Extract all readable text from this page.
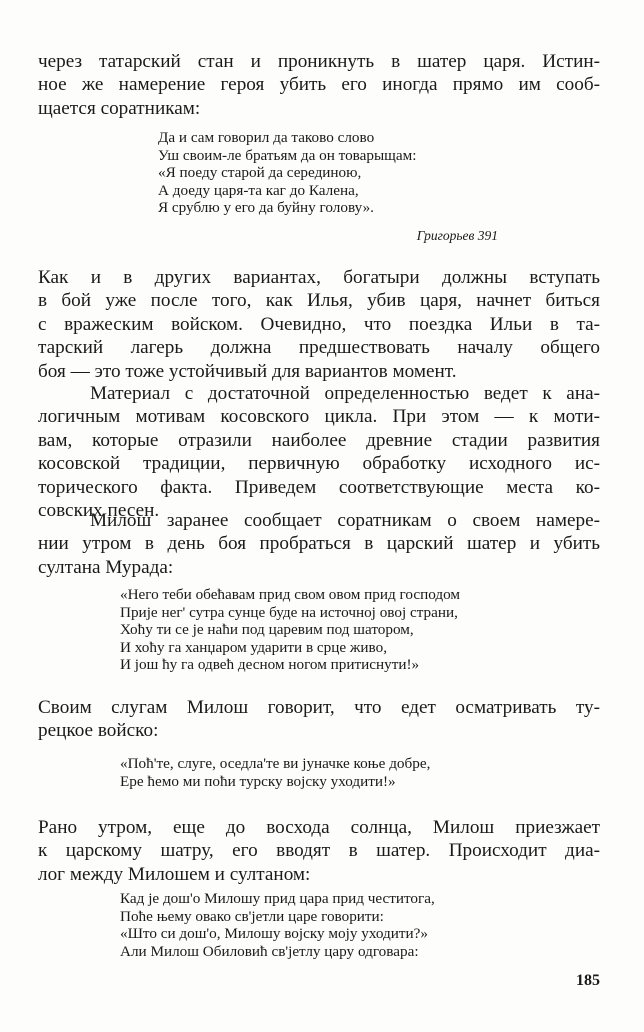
через татарский стан и проникнуть в шатер царя. Истин-
ное же намерение героя убить его иногда прямо им сооб-
щается соратникам:
Да и сам говорил да таково слово
Уш своим-ле братьям да он товарыщам:
«Я поеду старой да серединою,
А доеду царя-та каг до Калена,
Я срублю у его да буйну голову».
Григорьев 391
Как и в других вариантах, богатыри должны вступать
в бой уже после того, как Илья, убив царя, начнет биться
с вражеским войском. Очевидно, что поездка Ильи в та-
тарский лагерь должна предшествовать началу общего
боя — это тоже устойчивый для вариантов момент.
Материал с достаточной определенностью ведет к ана-
логичным мотивам косовского цикла. При этом — к моти-
вам, которые отразили наиболее древние стадии развития
косовской традиции, первичную обработку исходного ис-
торического факта. Приведем соответствующие места ко-
совских песен.
Милош заранее сообщает соратникам о своем намере-
нии утром в день боя пробраться в царский шатер и убить
султана Мурада:
«Него теби обећавам прид свом овом прид господом
Прије нег' сутра сунце буде на источној овој страни,
Хоћу ти се је наћи под царевим под шатором,
И хоћу га ханџаром ударити в срце живо,
И још ћу га одвећ десном ногом притиснути!»
Своим слугам Милош говорит, что едет осматривать ту-
рецкое войско:
«Поћ'те, слуге, оседла'те ви јуначке коње добре,
Ере ћемо ми поћи турску војску уходити!»
Рано утром, еще до восхода солнца, Милош приезжает
к царскому шатру, его вводят в шатер. Происходит диа-
лог между Милошем и султаном:
Кад је дош'о Милошу прид цара прид честитога,
Поће њему овако св'јетли царе говорити:
«Што си дош'о, Милошу војску мојy уходити?»
Али Милош Обиловић св'јетлу цару одговара:
185
